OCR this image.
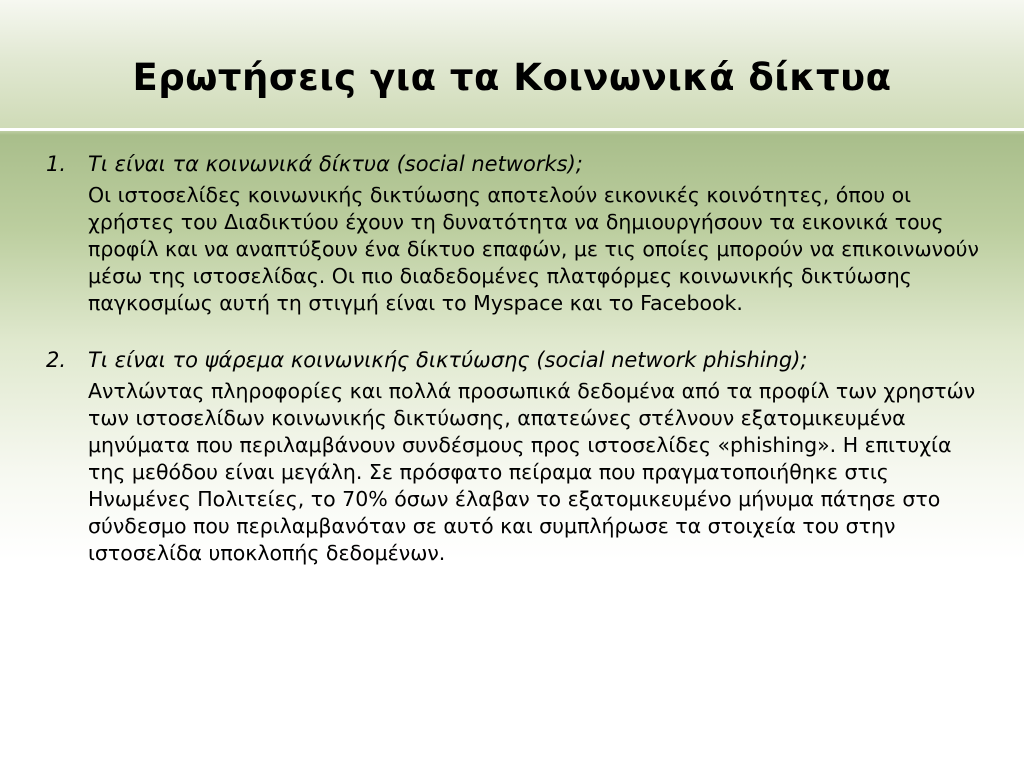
Ερωτήσεις για τα Κοινωνικά δίκτυα
1.	Τι είναι τα κοινωνικά δίκτυα (social networks);
Οι ιστοσελίδες κοινωνικής δικτύωσης αποτελούν εικονικές κοινότητες, όπου οι χρήστες του Διαδικτύου έχουν τη δυνατότητα να δημιουργήσουν τα εικονικά τους προφίλ και να αναπτύξουν ένα δίκτυο επαφών, με τις οποίες μπορούν να επικοινωνούν μέσω της ιστοσελίδας. Οι πιο διαδεδομένες πλατφόρμες κοινωνικής δικτύωσης παγκοσμίως αυτή τη στιγμή είναι το Myspace και το Facebook.
2.	Τι είναι το ψάρεμα κοινωνικής δικτύωσης (social network phishing);
Αντλώντας πληροφορίες και πολλά προσωπικά δεδομένα από τα προφίλ των χρηστών των ιστοσελίδων κοινωνικής δικτύωσης, απατεώνες στέλνουν εξατομικευμένα μηνύματα που περιλαμβάνουν συνδέσμους προς ιστοσελίδες «phishing». Η επιτυχία της μεθόδου είναι μεγάλη. Σε πρόσφατο πείραμα που πραγματοποιήθηκε στις Ηνωμένες Πολιτείες, το 70% όσων έλαβαν το εξατομικευμένο μήνυμα πάτησε στο σύνδεσμο που περιλαμβανόταν σε αυτό και συμπλήρωσε τα στοιχεία του στην ιστοσελίδα υποκλοπής δεδομένων.
